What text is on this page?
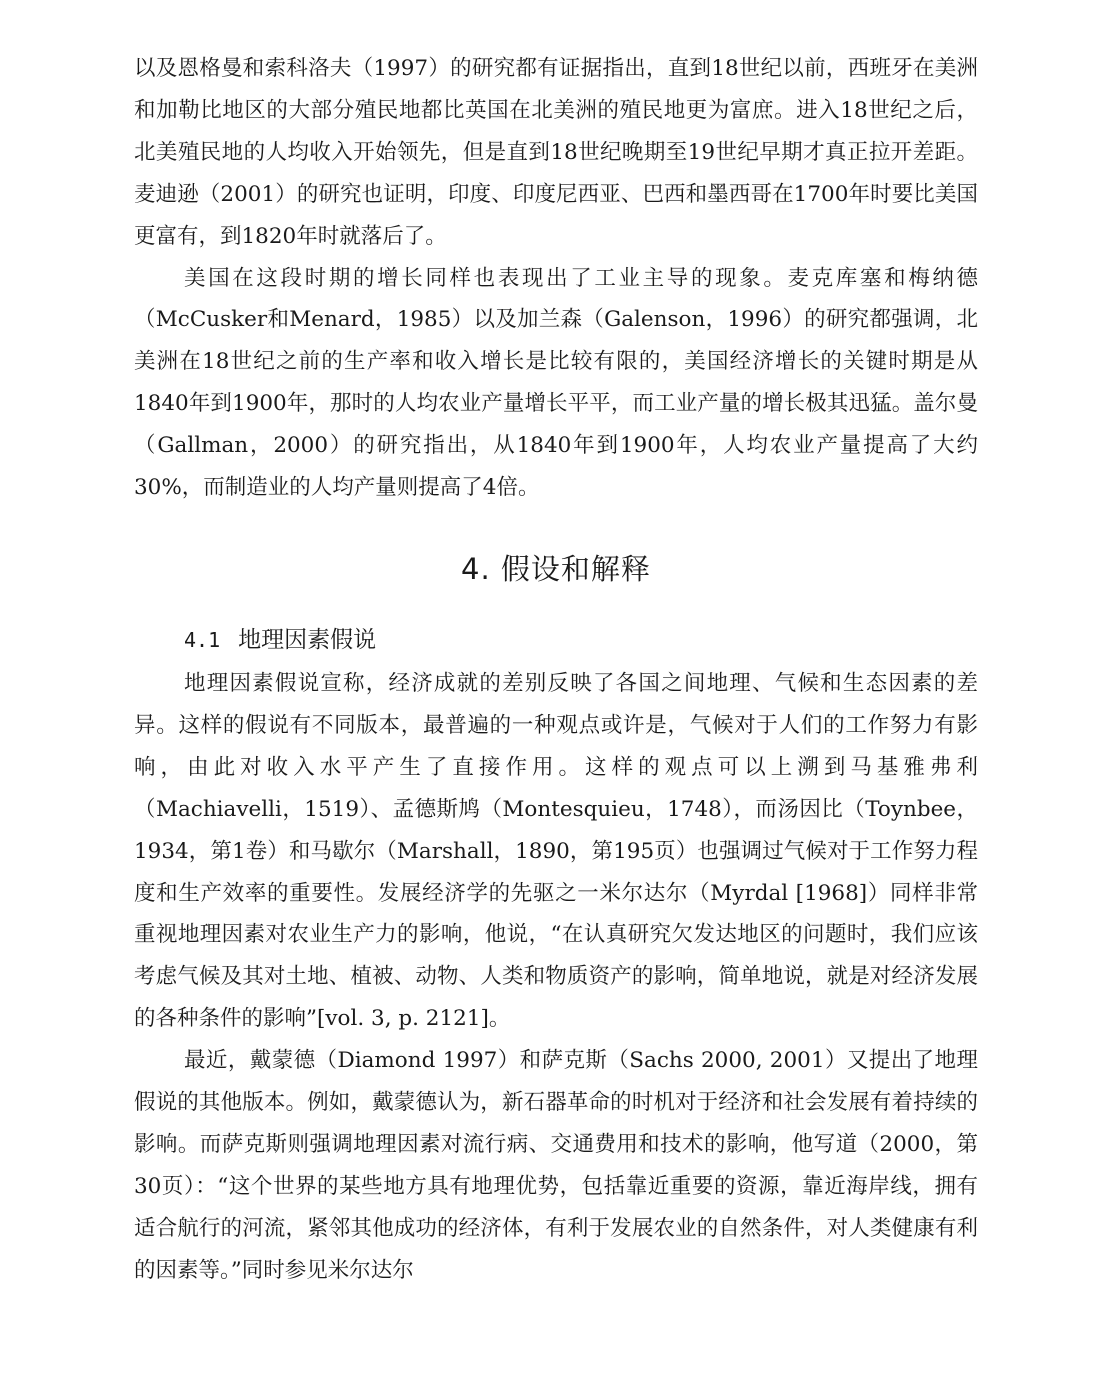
以及恩格曼和索科洛夫（1997）的研究都有证据指出，直到18世纪以前，西班牙在美洲和加勒比地区的大部分殖民地都比英国在北美洲的殖民地更为富庶。进入18世纪之后，北美殖民地的人均收入开始领先，但是直到18世纪晚期至19世纪早期才真正拉开差距。麦迪逊（2001）的研究也证明，印度、印度尼西亚、巴西和墨西哥在1700年时要比美国更富有，到1820年时就落后了。

美国在这段时期的增长同样也表现出了工业主导的现象。麦克库塞和梅纳德（McCusker和Menard，1985）以及加兰森（Galenson，1996）的研究都强调，北美洲在18世纪之前的生产率和收入增长是比较有限的，美国经济增长的关键时期是从1840年到1900年，那时的人均农业产量增长平平，而工业产量的增长极其迅猛。盖尔曼（Gallman，2000）的研究指出，从1840年到1900年，人均农业产量提高了大约30%，而制造业的人均产量则提高了4倍。

4. 假设和解释
4.1 地理因素假说

地理因素假说宣称，经济成就的差别反映了各国之间地理、气候和生态因素的差异。这样的假说有不同版本，最普遍的一种观点或许是，气候对于人们的工作努力有影响，由此对收入水平产生了直接作用。这样的观点可以上溯到马基雅弗利（Machiavelli，1519）、孟德斯鸠（Montesquieu，1748），而汤因比（Toynbee，1934，第1卷）和马歇尔（Marshall，1890，第195页）也强调过气候对于工作努力程度和生产效率的重要性。发展经济学的先驱之一米尔达尔（Myrdal [1968]）同样非常重视地理因素对农业生产力的影响，他说，“在认真研究欠发达地区的问题时，我们应该考虑气候及其对土地、植被、动物、人类和物质资产的影响，简单地说，就是对经济发展的各种条件的影响”[vol. 3, p. 2121]。

最近，戴蒙德（Diamond 1997）和萨克斯（Sachs 2000, 2001）又提出了地理假说的其他版本。例如，戴蒙德认为，新石器革命的时机对于经济和社会发展有着持续的影响。而萨克斯则强调地理因素对流行病、交通费用和技术的影响，他写道（2000，第30页）：“这个世界的某些地方具有地理优势，包括靠近重要的资源，靠近海岸线，拥有适合航行的河流，紧邻其他成功的经济体，有利于发展农业的自然条件，对人类健康有利的因素等。”同时参见米尔达尔
